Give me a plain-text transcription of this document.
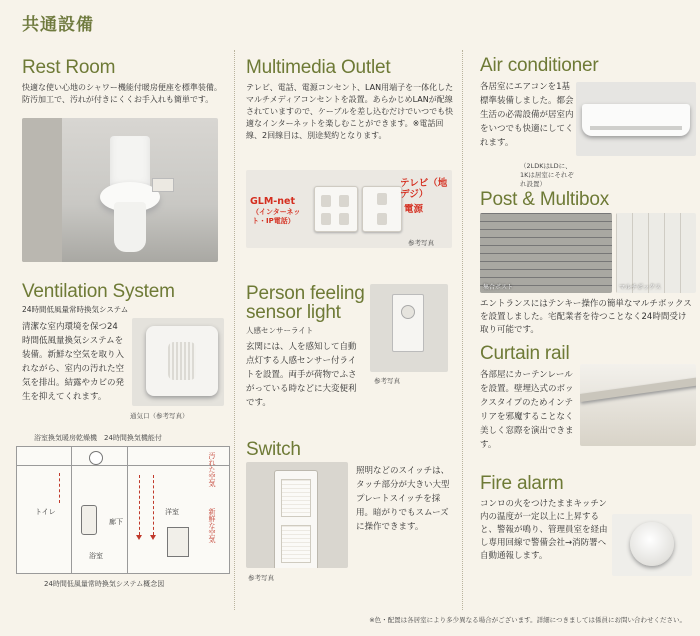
共通設備
Rest Room
快適な使い心地のシャワー機能付暖房便座を標準装備。防汚加工で、汚れが付きにくくお手入れも簡単です。
Ventilation System
24時間低風量常時換気システム
清潔な室内環境を保つ24時間低風量換気システムを装備。新鮮な空気を取り入れながら、室内の汚れた空気を排出。結露やカビの発生を抑えてくれます。
通気口（参考写真）
浴室換気暖房乾燥機　24時間換気機能付
トイレ
廊下
洋室
浴室
汚れた空気
新鮮な空気
24時間低風量常時換気システム概念図
Multimedia Outlet
テレビ、電話、電源コンセント、LAN用端子を一体化したマルチメディアコンセントを設置。あらかじめLANが配線されていますので、ケーブルを差し込むだけでいつでも快適なインターネットを楽しむことができます。※電話回線、2回線目は、別途契約となります。
GLM-net
（インターネット・IP電話）
テレビ（地デジ）
電源
参考写真
Person feeling
sensor light
人感センサーライト
玄関には、人を感知して自動点灯する人感センサー付ライトを設置。両手が荷物でふさがっている時などに大変便利です。
参考写真
Switch
参考写真
照明などのスイッチは、タッチ部分が大きい大型プレートスイッチを採用。暗がりでもスムーズに操作できます。
Air conditioner
各居室にエアコンを1基標準装備しました。都会生活の必需設備が居室内をいつでも快適にしてくれます。
（2LDKはLDに、1Kは居室にそれぞれ設置）
Post & Multibox
集合ポスト	マルチボックス
エントランスにはテンキー操作の簡単なマルチボックスを設置しました。宅配業者を待つことなく24時間受け取り可能です。
Curtain rail
各部屋にカーテンレールを設置。壁埋込式のボックスタイプのためインテリアを邪魔することなく美しく窓際を演出できます。
Fire alarm
コンロの火をつけたままキッチン内の温度が一定以上に上昇すると、警報が鳴り、管理員室を経由し専用回線で警備会社→消防署へ自動通報します。
※色・配置は各居室により多少異なる場合がございます。詳細につきましては係員にお問い合わせください。
